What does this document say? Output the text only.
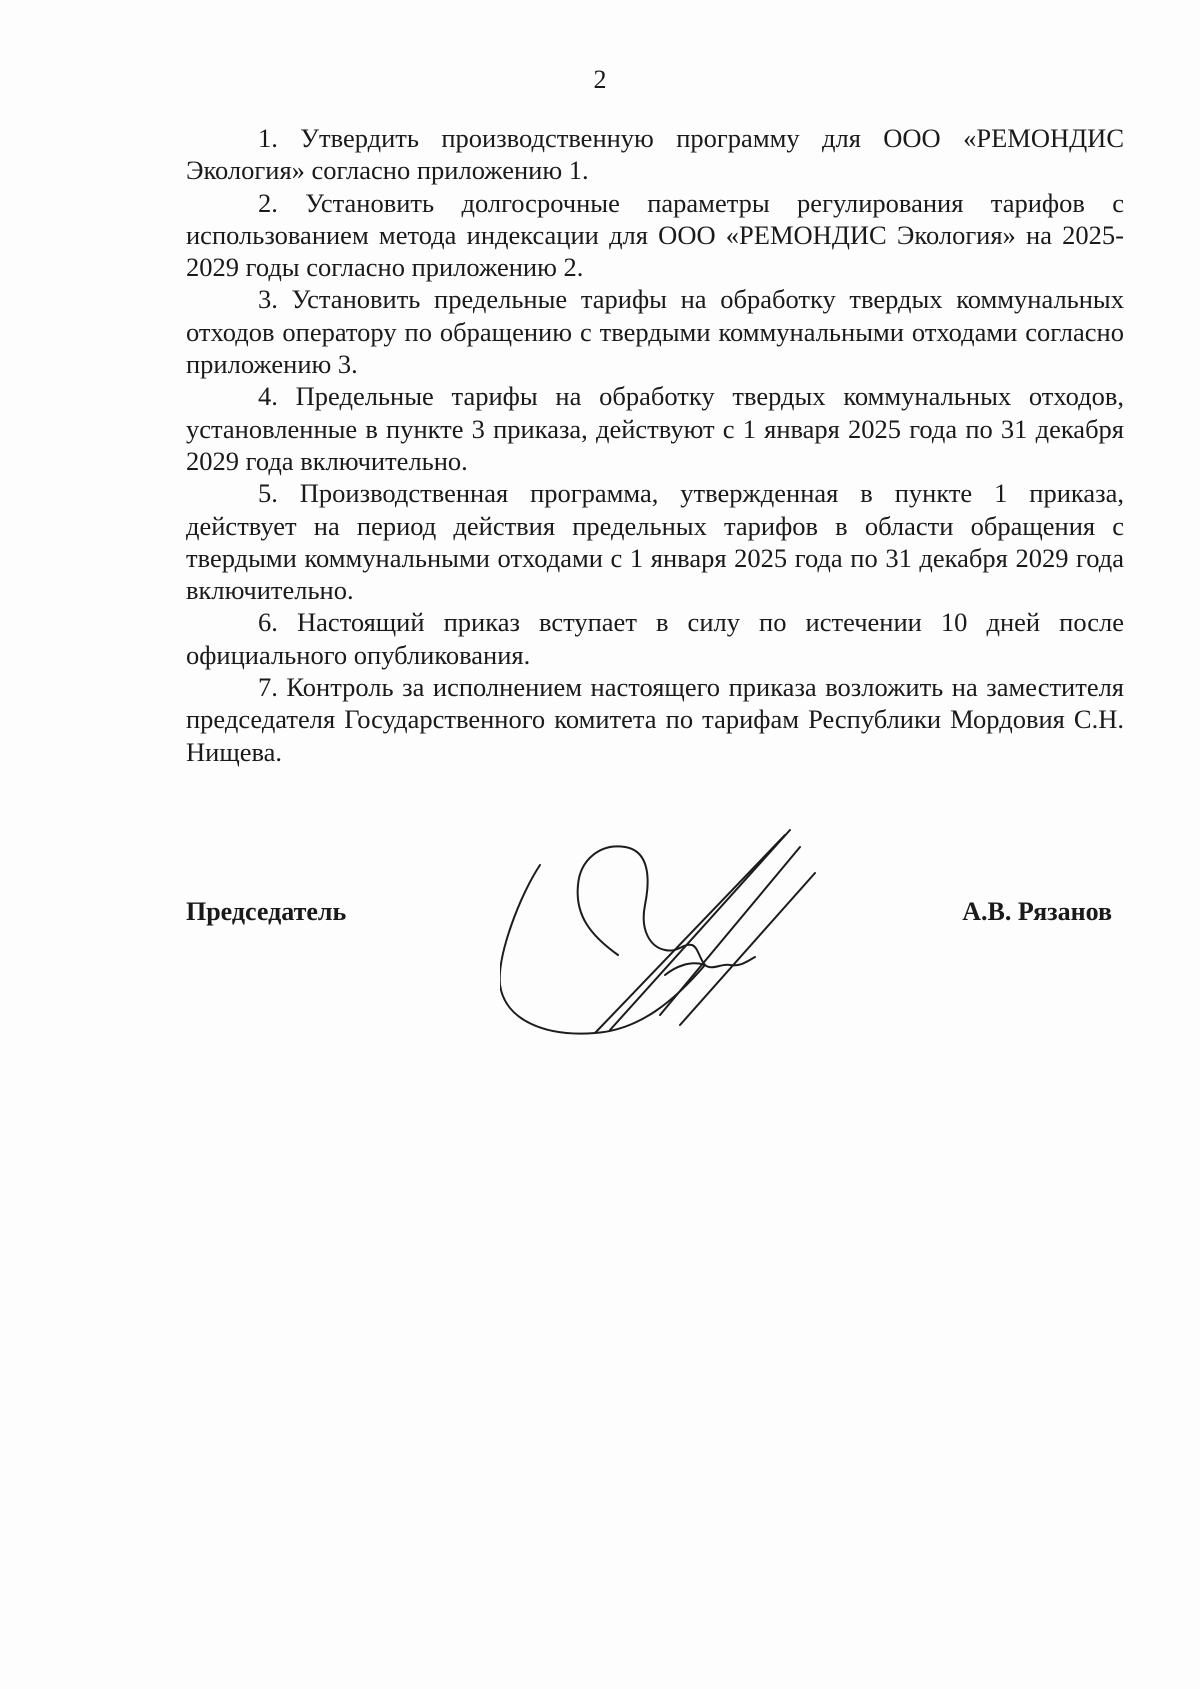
2

1. Утвердить производственную программу для ООО «РЕМОНДИС Экология» согласно приложению 1.

2. Установить долгосрочные параметры регулирования тарифов с использованием метода индексации для ООО «РЕМОНДИС Экология» на 2025-2029 годы согласно приложению 2.

3. Установить предельные тарифы на обработку твердых коммунальных отходов оператору по обращению с твердыми коммунальными отходами согласно приложению 3.

4. Предельные тарифы на обработку твердых коммунальных отходов, установленные в пункте 3 приказа, действуют с 1 января 2025 года по 31 декабря 2029 года включительно.

5. Производственная программа, утвержденная в пункте 1 приказа, действует на период действия предельных тарифов в области обращения с твердыми коммунальными отходами с 1 января 2025 года по 31 декабря 2029 года включительно.

6. Настоящий приказ вступает в силу по истечении 10 дней после официального опубликования.

7. Контроль за исполнением настоящего приказа возложить на заместителя председателя Государственного комитета по тарифам Республики Мордовия С.Н. Нищева.

Председатель	А.В. Рязанов
